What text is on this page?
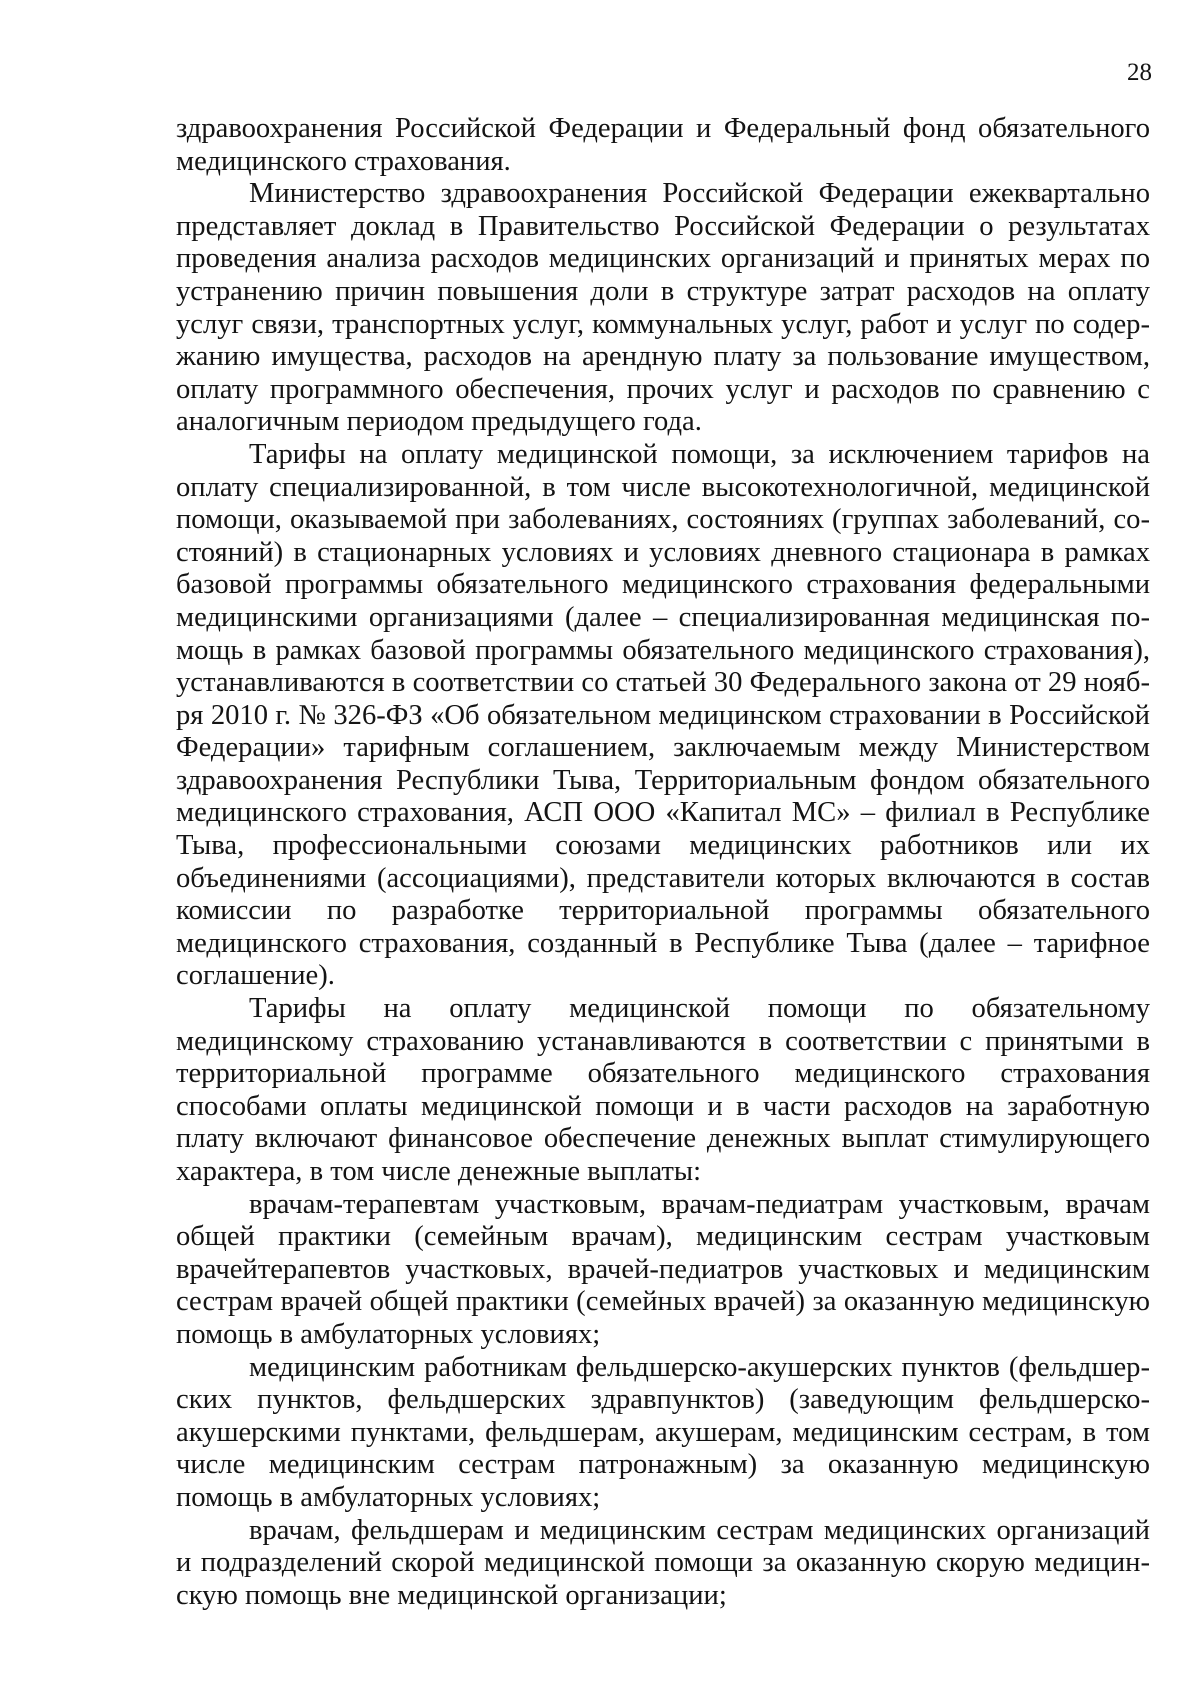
28

здравоохранения Российской Федерации и Федеральный фонд обязательного медицинского страхования.

Министерство здравоохранения Российской Федерации ежеквартально представляет доклад в Правительство Российской Федерации о результатах проведения анализа расходов медицинских организаций и принятых мерах по устранению причин повышения доли в структуре затрат расходов на оплату услуг связи, транспортных услуг, коммунальных услуг, работ и услуг по содержанию имущества, расходов на арендную плату за пользование имуществом, оплату программного обеспечения, прочих услуг и расходов по сравнению с аналогичным периодом предыдущего года.

Тарифы на оплату медицинской помощи, за исключением тарифов на оплату специализированной, в том числе высокотехнологичной, медицинской помощи, оказываемой при заболеваниях, состояниях (группах заболеваний, состояний) в стационарных условиях и условиях дневного стационара в рамках базовой программы обязательного медицинского страхования федеральными медицинскими организациями (далее – специализированная медицинская помощь в рамках базовой программы обязательного медицинского страхования), устанавливаются в соответствии со статьей 30 Федерального закона от 29 ноября 2010 г. № 326-ФЗ «Об обязательном медицинском страховании в Российской Федерации» тарифным соглашением, заключаемым между Министерством здравоохранения Республики Тыва, Территориальным фондом обязательного медицинского страхования, АСП ООО «Капитал МС» – филиал в Республике Тыва, профессиональными союзами медицинских работников или их объединениями (ассоциациями), представители которых включаются в состав комиссии по разработке территориальной программы обязательного медицинского страхования, созданный в Республике Тыва (далее – тарифное соглашение).

Тарифы на оплату медицинской помощи по обязательному медицинскому страхованию устанавливаются в соответствии с принятыми в территориальной программе обязательного медицинского страхования способами оплаты медицинской помощи и в части расходов на заработную плату включают финансовое обеспечение денежных выплат стимулирующего характера, в том числе денежные выплаты:

врачам-терапевтам участковым, врачам-педиатрам участковым, врачам общей практики (семейным врачам), медицинским сестрам участковым врачейтерапевтов участковых, врачей-педиатров участковых и медицинским сестрам врачей общей практики (семейных врачей) за оказанную медицинскую помощь в амбулаторных условиях;

медицинским работникам фельдшерско-акушерских пунктов (фельдшерских пунктов, фельдшерских здравпунктов) (заведующим фельдшерскоакушерскими пунктами, фельдшерам, акушерам, медицинским сестрам, в том числе медицинским сестрам патронажным) за оказанную медицинскую помощь в амбулаторных условиях;

врачам, фельдшерам и медицинским сестрам медицинских организаций и подразделений скорой медицинской помощи за оказанную скорую медицинскую помощь вне медицинской организации;
